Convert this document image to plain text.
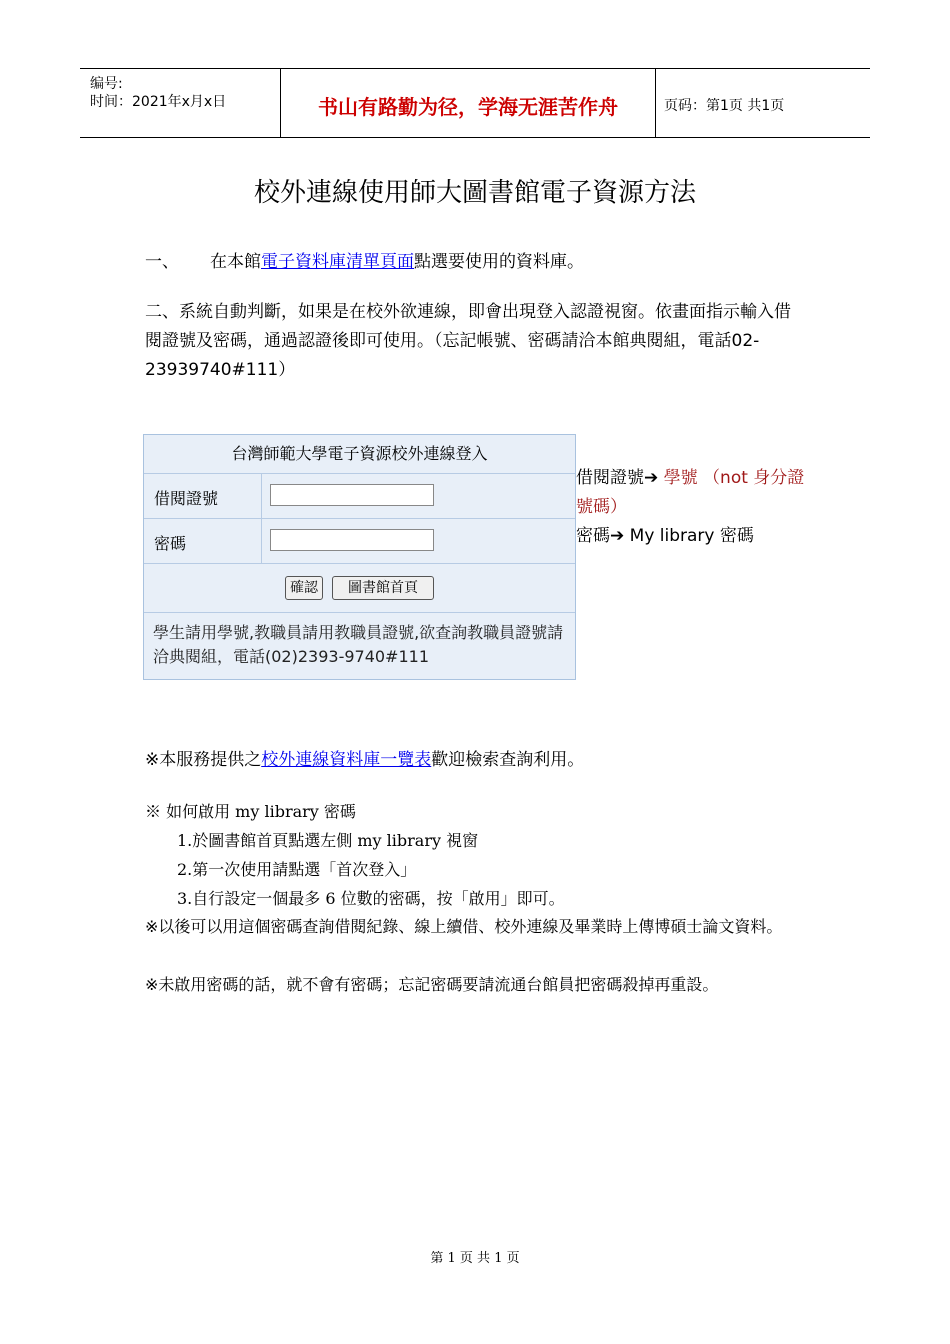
编号:
时间：2021年x月x日	书山有路勤为径，学海无涯苦作舟	页码：第1页 共1页
校外連線使用師大圖書館電子資源方法
一、 在本館電子資料庫清單頁面點選要使用的資料庫。
二、系統自動判斷，如果是在校外欲連線，即會出現登入認證視窗。依畫面指示輸入借閱證號及密碼，通過認證後即可使用。（忘記帳號、密碼請洽本館典閱組，電話02-23939740#111）
台灣師範大學電子資源校外連線登入
借閱證號
密碼
確認	圖書館首頁
學生請用學號,教職員請用教職員證號,欲查詢教職員證號請洽典閱組，電話(02)2393-9740#111
借閱證號➔ 學號 （not 身分證號碼）
密碼➔ My library 密碼
※本服務提供之校外連線資料庫一覽表歡迎檢索查詢利用。
※ 如何啟用 my library 密碼
1.於圖書館首頁點選左側 my library 視窗
2.第一次使用請點選「首次登入」
3.自行設定一個最多 6 位數的密碼，按「啟用」即可。
※以後可以用這個密碼查詢借閱紀錄、線上續借、校外連線及畢業時上傳博碩士論文資料。
※未啟用密碼的話，就不會有密碼；忘記密碼要請流通台館員把密碼殺掉再重設。
第 1 页 共 1 页
